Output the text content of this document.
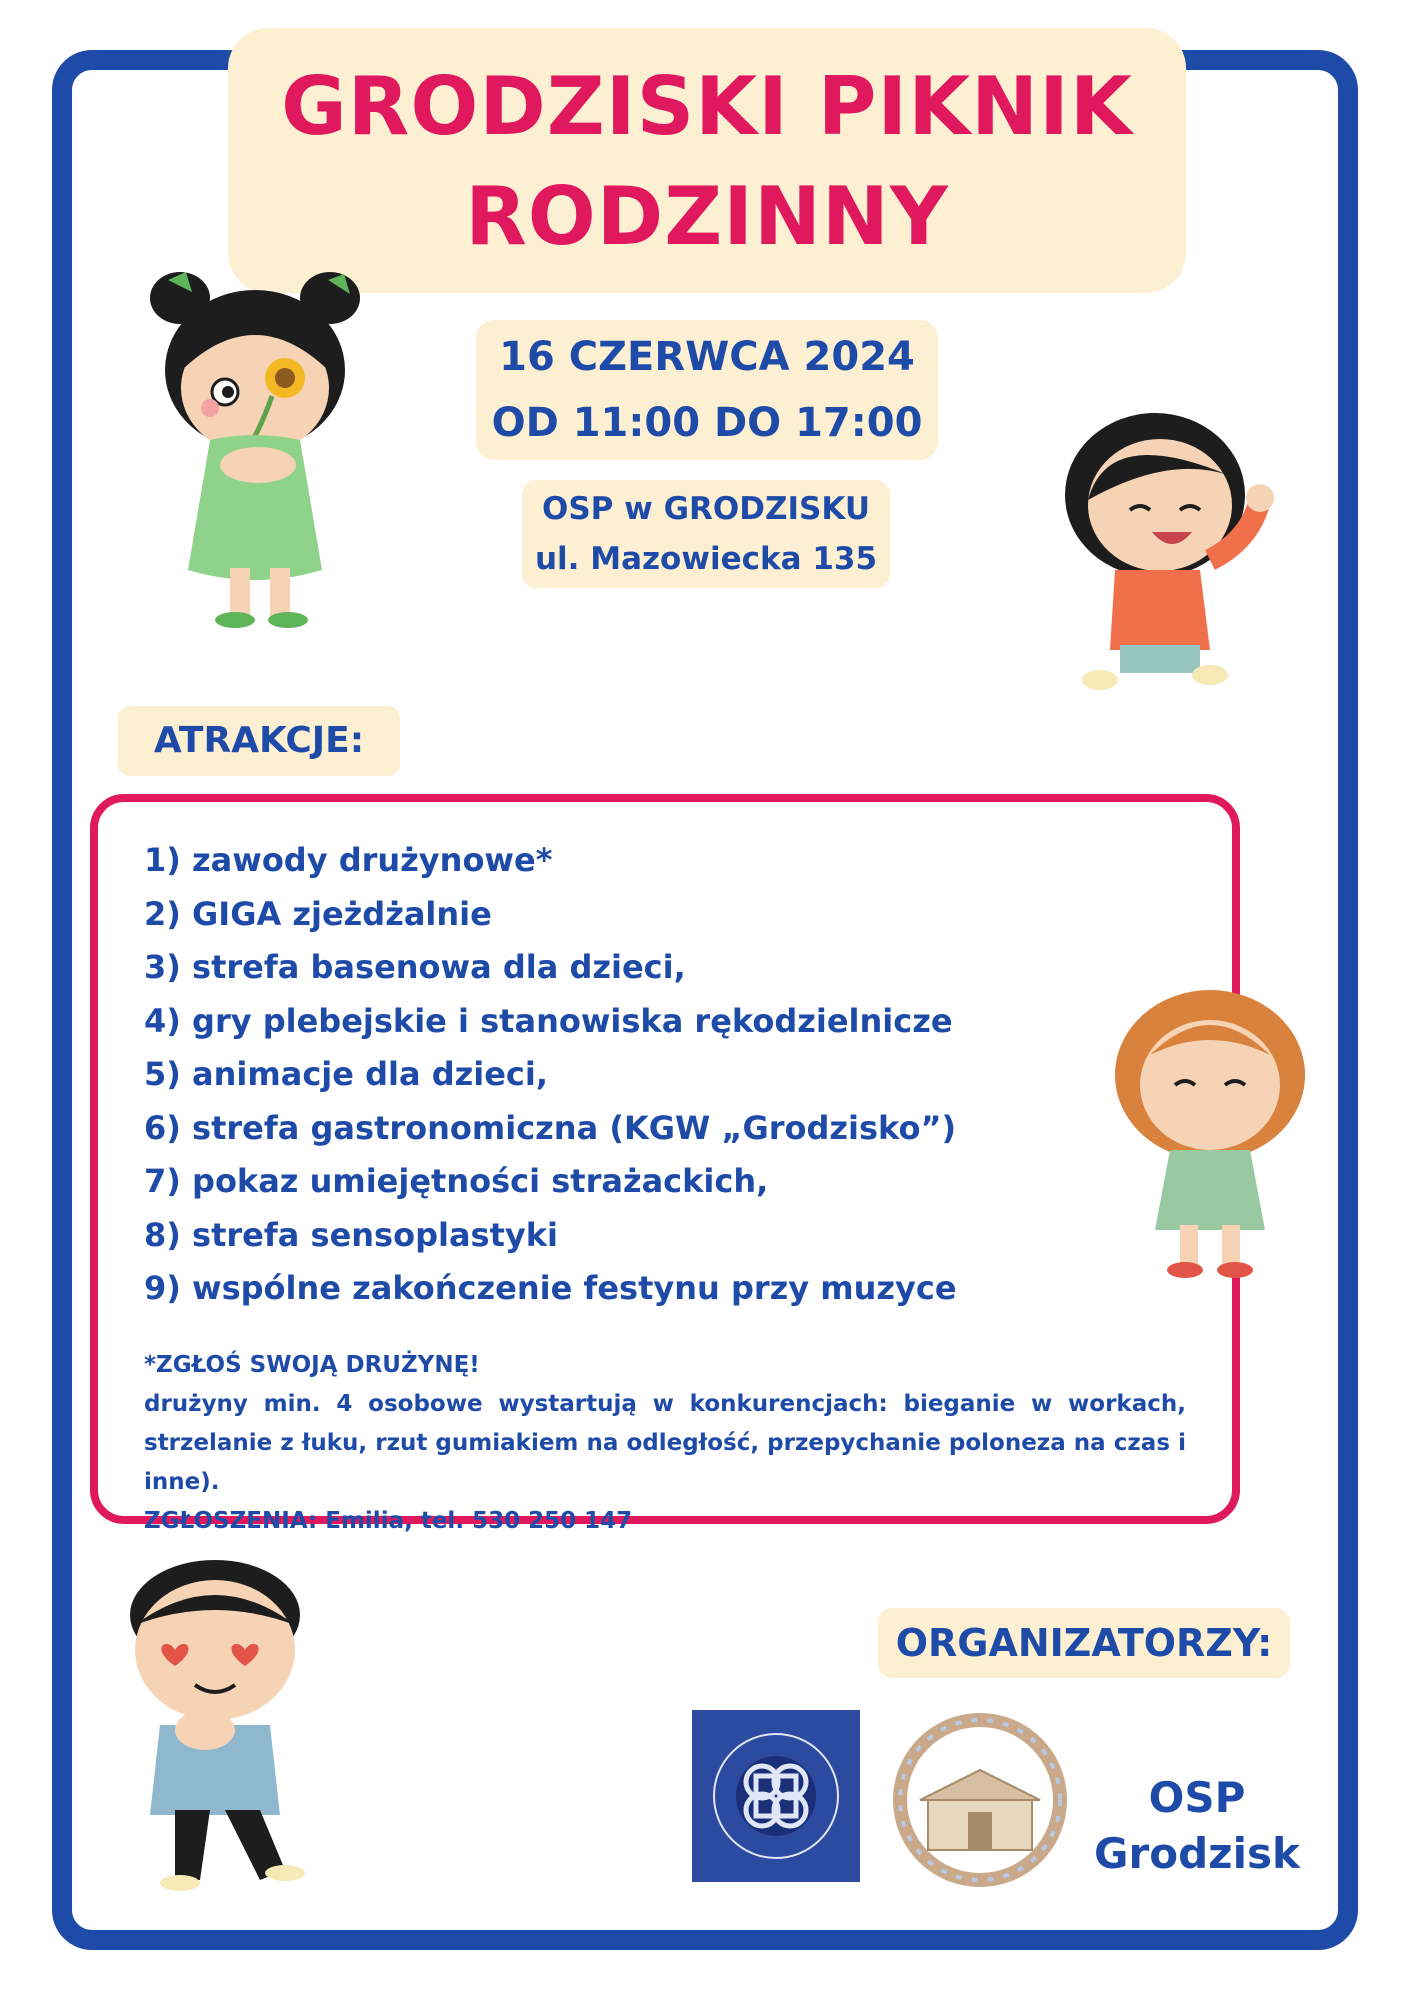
GRODZISKI PIKNIK
RODZINNY
16 CZERWCA 2024
OD 11:00 DO 17:00
OSP w GRODZISKU
ul. Mazowiecka 135
ATRAKCJE:
1) zawody drużynowe*
2) GIGA zjeżdżalnie
3) strefa basenowa dla dzieci,
4) gry plebejskie i stanowiska rękodzielnicze
5) animacje dla dzieci,
6) strefa gastronomiczna (KGW „Grodzisko”)
7) pokaz umiejętności strażackich,
8) strefa sensoplastyki
9) wspólne zakończenie festynu przy muzyce

*ZGŁOŚ SWOJĄ DRUŻYNĘ!

drużyny min. 4 osobowe wystartują w konkurencjach: bieganie w workach, strzelanie z łuku, rzut gumiakiem na odległość, przepychanie poloneza na czas i inne).

ZGŁOSZENIA: Emilia, tel. 530 250 147

ORGANIZATORZY:
OSP
Grodzisk
